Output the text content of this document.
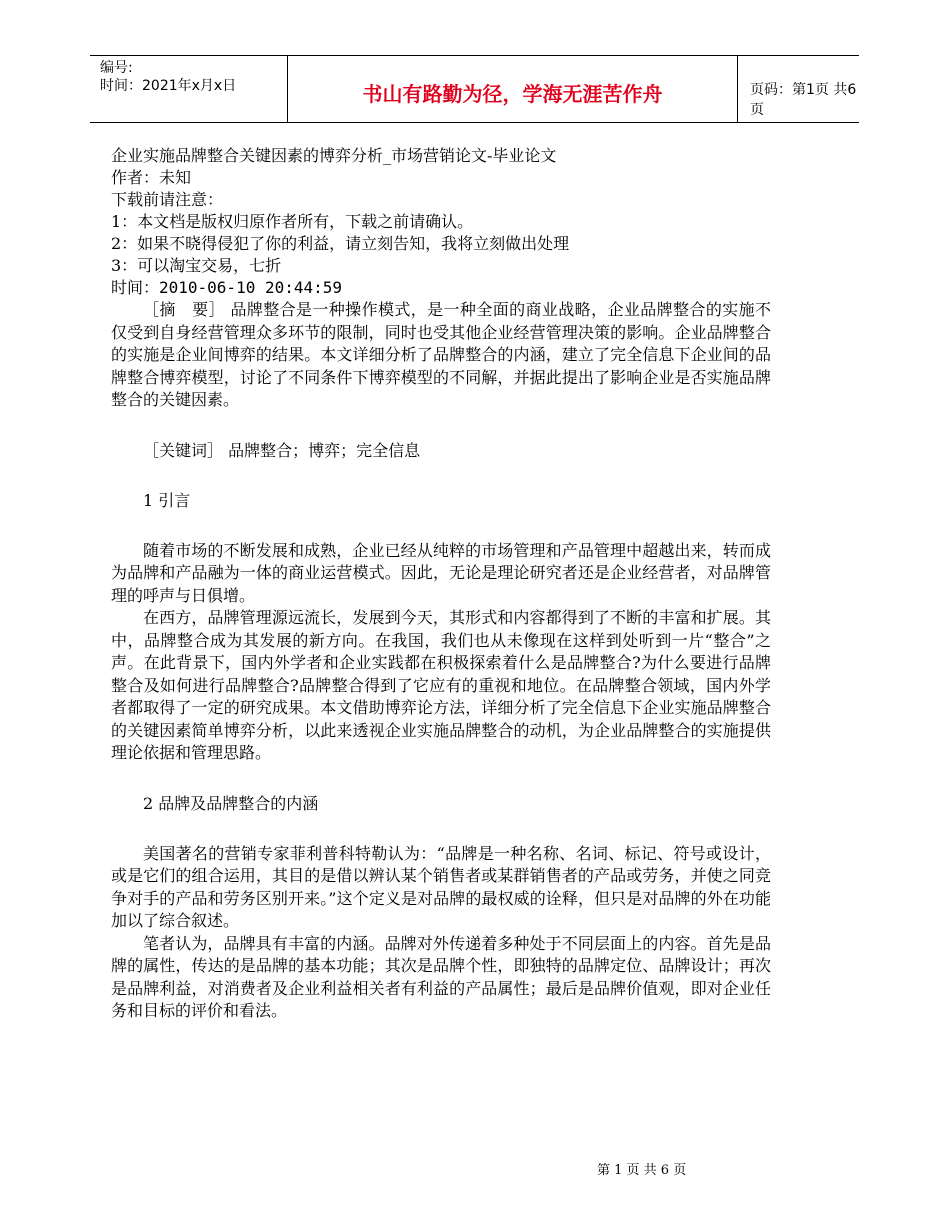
编号:
时间：2021年x月x日	书山有路勤为径，学海无涯苦作舟	页码：第1页 共6页
企业实施品牌整合关键因素的博弈分析_市场营销论文-毕业论文
作者：未知
下载前请注意：
1：本文档是版权归原作者所有，下载之前请确认。
2：如果不晓得侵犯了你的利益，请立刻告知，我将立刻做出处理
3：可以淘宝交易，七折
时间：2010-06-10 20:44:59

［摘　要］ 品牌整合是一种操作模式，是一种全面的商业战略，企业品牌整合的实施不仅受到自身经营管理众多环节的限制，同时也受其他企业经营管理决策的影响。企业品牌整合的实施是企业间博弈的结果。本文详细分析了品牌整合的内涵，建立了完全信息下企业间的品牌整合博弈模型，讨论了不同条件下博弈模型的不同解，并据此提出了影响企业是否实施品牌整合的关键因素。

［关键词］ 品牌整合；博弈；完全信息

1 引言

随着市场的不断发展和成熟，企业已经从纯粹的市场管理和产品管理中超越出来，转而成为品牌和产品融为一体的商业运营模式。因此，无论是理论研究者还是企业经营者，对品牌管理的呼声与日俱增。

在西方，品牌管理源远流长，发展到今天，其形式和内容都得到了不断的丰富和扩展。其中，品牌整合成为其发展的新方向。在我国，我们也从未像现在这样到处听到一片“整合”之声。在此背景下，国内外学者和企业实践都在积极探索着什么是品牌整合?为什么要进行品牌整合及如何进行品牌整合?品牌整合得到了它应有的重视和地位。在品牌整合领域，国内外学者都取得了一定的研究成果。本文借助博弈论方法，详细分析了完全信息下企业实施品牌整合的关键因素简单博弈分析，以此来透视企业实施品牌整合的动机，为企业品牌整合的实施提供理论依据和管理思路。

2 品牌及品牌整合的内涵

美国著名的营销专家菲利普科特勒认为：“品牌是一种名称、名词、标记、符号或设计，或是它们的组合运用，其目的是借以辨认某个销售者或某群销售者的产品或劳务，并使之同竞争对手的产品和劳务区别开来。”这个定义是对品牌的最权威的诠释，但只是对品牌的外在功能加以了综合叙述。

笔者认为，品牌具有丰富的内涵。品牌对外传递着多种处于不同层面上的内容。首先是品牌的属性，传达的是品牌的基本功能；其次是品牌个性，即独特的品牌定位、品牌设计；再次是品牌利益，对消费者及企业利益相关者有利益的产品属性；最后是品牌价值观，即对企业任务和目标的评价和看法。

第 1 页 共 6 页
